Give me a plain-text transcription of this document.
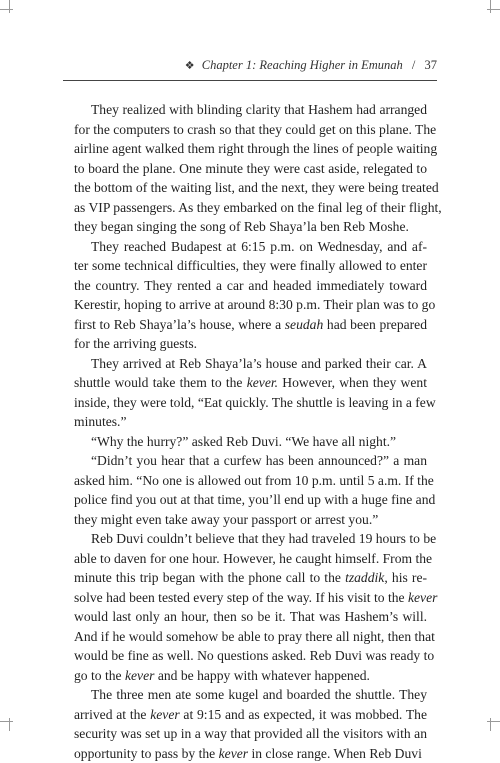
❖ Chapter 1: Reaching Higher in Emunah / 37

They realized with blinding clarity that Hashem had arranged
for the computers to crash so that they could get on this plane. The
airline agent walked them right through the lines of people waiting
to board the plane. One minute they were cast aside, relegated to
the bottom of the waiting list, and the next, they were being treated
as VIP passengers. As they embarked on the final leg of their flight,
they began singing the song of Reb Shaya’la ben Reb Moshe.

They reached Budapest at 6:15 p.m. on Wednesday, and af-
ter some technical difficulties, they were finally allowed to enter
the country. They rented a car and headed immediately toward
Kerestir, hoping to arrive at around 8:30 p.m. Their plan was to go
first to Reb Shaya’la’s house, where a seudah had been prepared
for the arriving guests.

They arrived at Reb Shaya’la’s house and parked their car. A
shuttle would take them to the kever. However, when they went
inside, they were told, “Eat quickly. The shuttle is leaving in a few
minutes.”

“Why the hurry?” asked Reb Duvi. “We have all night.”

“Didn’t you hear that a curfew has been announced?” a man
asked him. “No one is allowed out from 10 p.m. until 5 a.m. If the
police find you out at that time, you’ll end up with a huge fine and
they might even take away your passport or arrest you.”

Reb Duvi couldn’t believe that they had traveled 19 hours to be
able to daven for one hour. However, he caught himself. From the
minute this trip began with the phone call to the tzaddik, his re-
solve had been tested every step of the way. If his visit to the kever
would last only an hour, then so be it. That was Hashem’s will.
And if he would somehow be able to pray there all night, then that
would be fine as well. No questions asked. Reb Duvi was ready to
go to the kever and be happy with whatever happened.

The three men ate some kugel and boarded the shuttle. They
arrived at the kever at 9:15 and as expected, it was mobbed. The
security was set up in a way that provided all the visitors with an
opportunity to pass by the kever in close range. When Reb Duvi
